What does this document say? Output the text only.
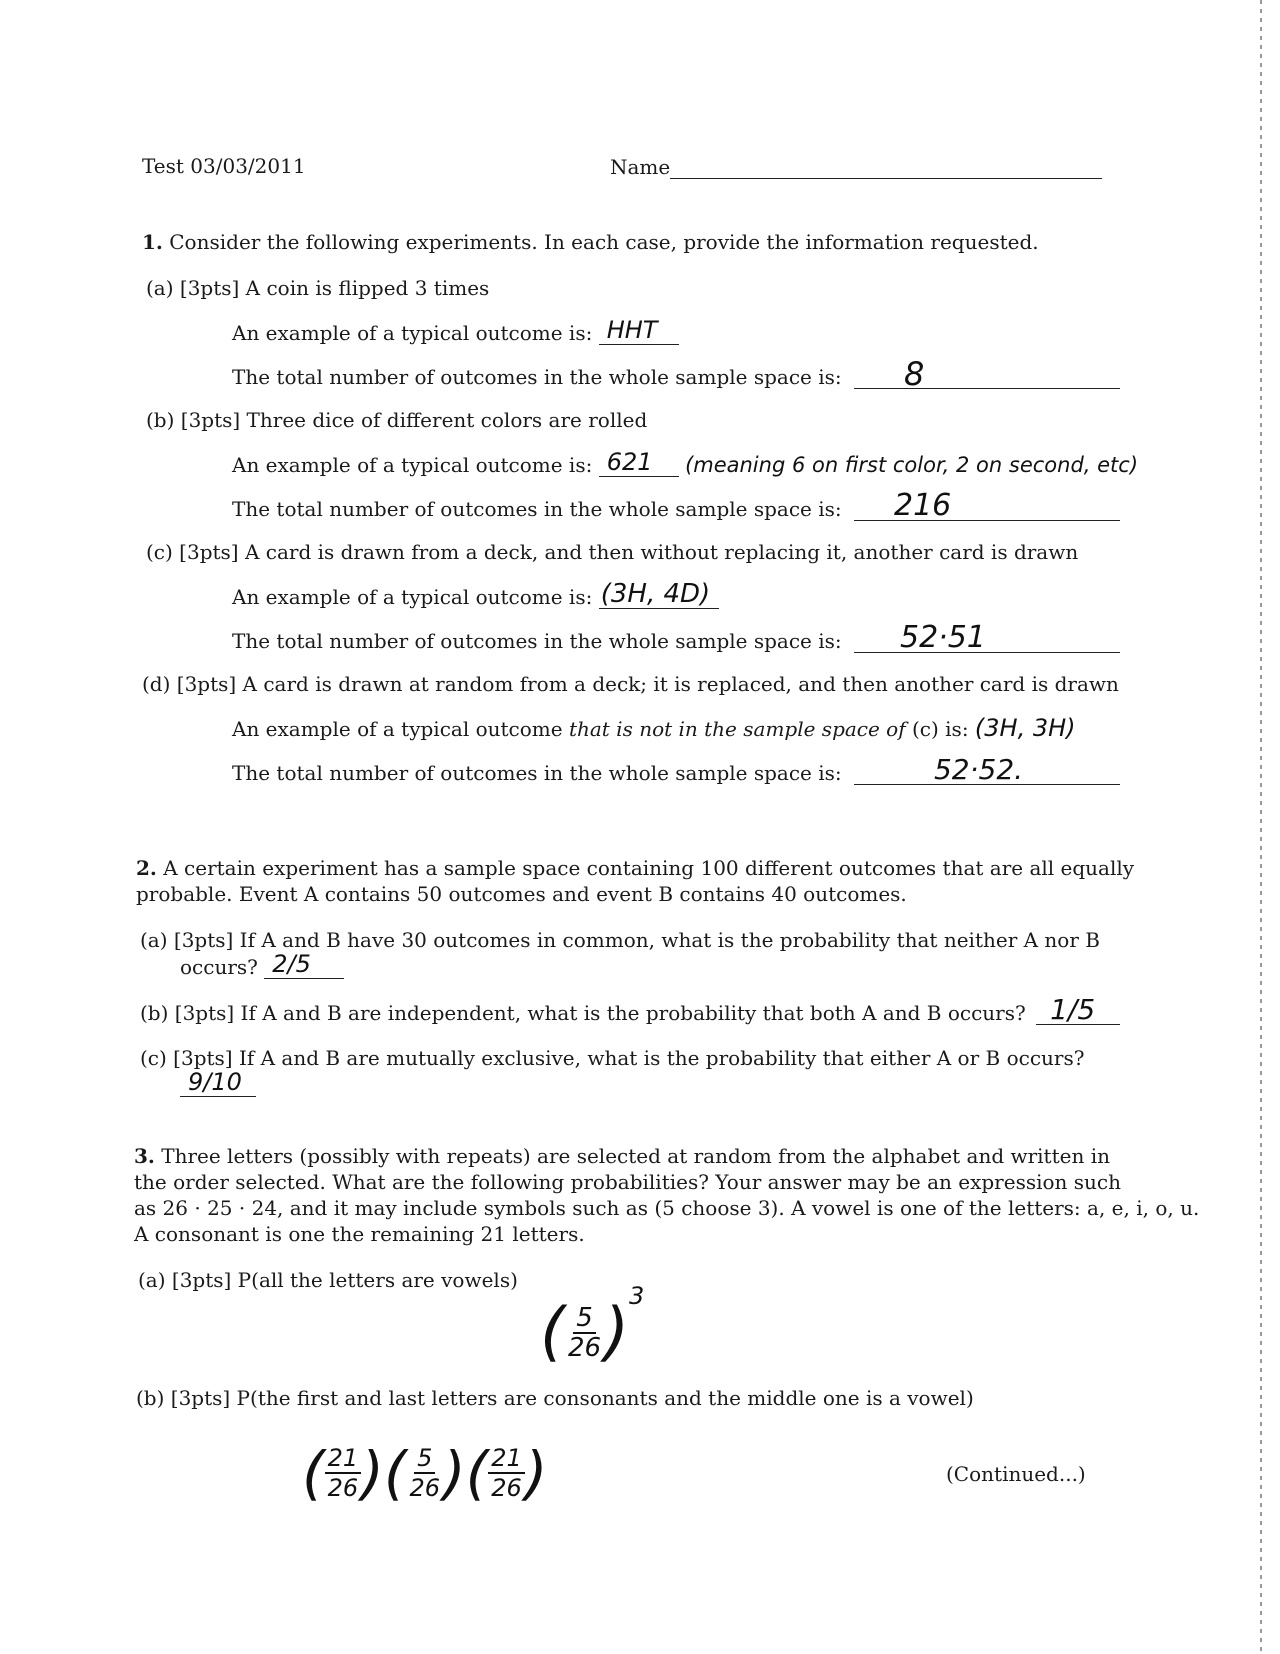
Test 03/03/2011	Name
1. Consider the following experiments. In each case, provide the information requested.
(a) [3pts] A coin is flipped 3 times
An example of a typical outcome is: HHT
The total number of outcomes in the whole sample space is: 8
(b) [3pts] Three dice of different colors are rolled
An example of a typical outcome is: 621 (meaning 6 on first color, 2 on second, etc)
The total number of outcomes in the whole sample space is: 216
(c) [3pts] A card is drawn from a deck, and then without replacing it, another card is drawn
An example of a typical outcome is: (3H, 4D)
The total number of outcomes in the whole sample space is: 52·51
(d) [3pts] A card is drawn at random from a deck; it is replaced, and then another card is drawn
An example of a typical outcome that is not in the sample space of (c) is: (3H, 3H)
The total number of outcomes in the whole sample space is:	52·52.
2. A certain experiment has a sample space containing 100 different outcomes that are all equally
probable. Event A contains 50 outcomes and event B contains 40 outcomes.
(a) [3pts] If A and B have 30 outcomes in common, what is the probability that neither A nor B
occurs? 2/5
(b) [3pts] If A and B are independent, what is the probability that both A and B occurs? 1/5
(c) [3pts] If A and B are mutually exclusive, what is the probability that either A or B occurs?
9/10
3. Three letters (possibly with repeats) are selected at random from the alphabet and written in
the order selected. What are the following probabilities? Your answer may be an expression such
as 26 · 25 · 24, and it may include symbols such as (5 choose 3). A vowel is one of the letters: a, e, i, o, u.
A consonant is one the remaining 21 letters.
(a) [3pts] P(all the letters are vowels)
( $\frac{5}{26} )^3$
(b) [3pts] P(the first and last letters are consonants and the middle one is a vowel)
( $\frac{21}{26}$ )( $\frac{5}{26}$ )( $\frac{21}{26}$ )	(Continued...)
